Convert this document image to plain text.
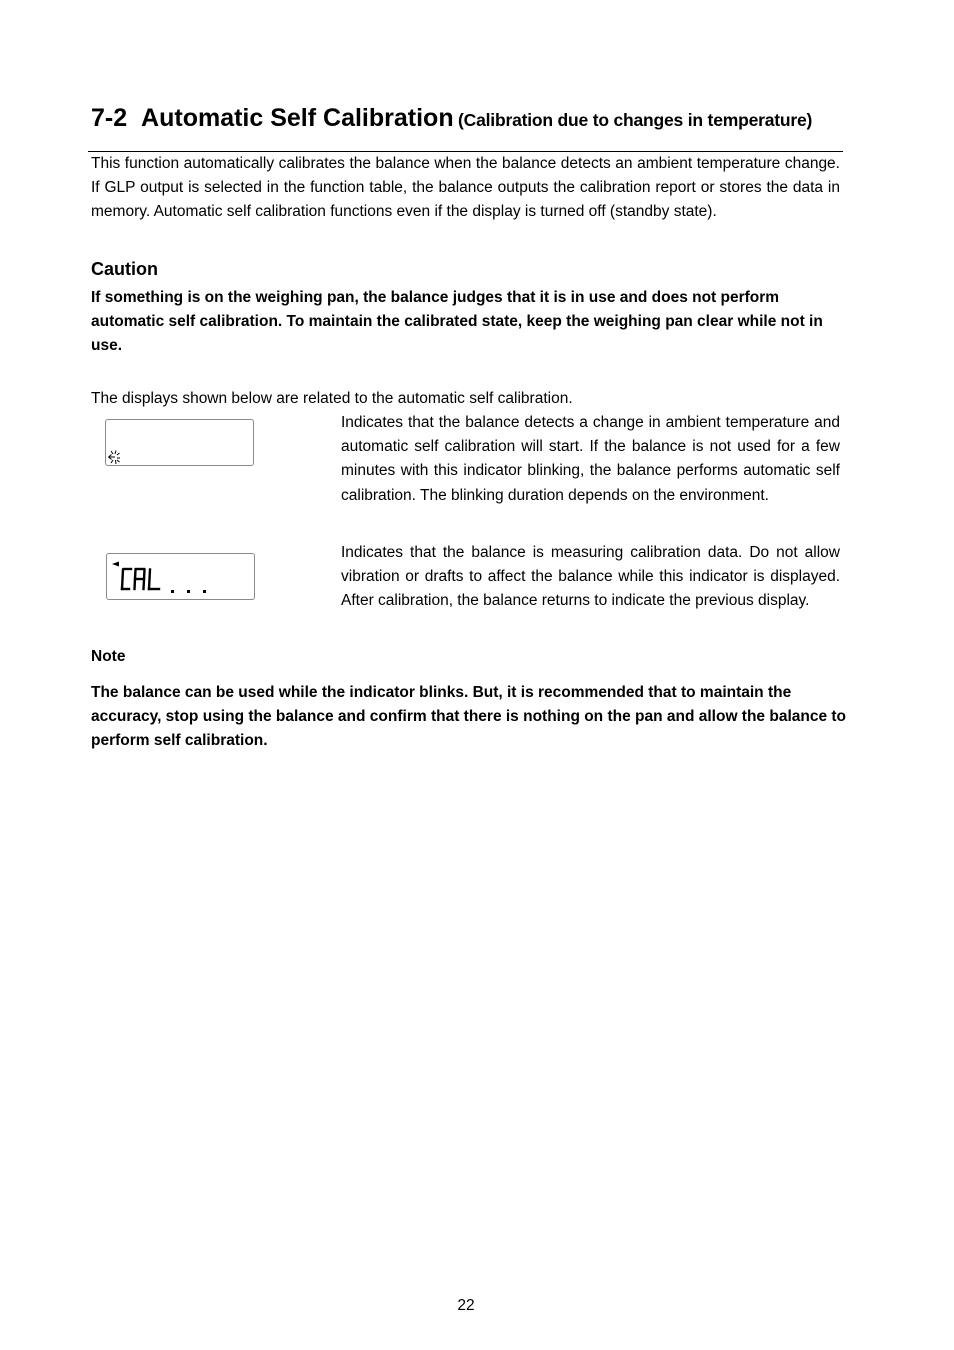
7-2 Automatic Self Calibration (Calibration due to changes in temperature)
This function automatically calibrates the balance when the balance detects an ambient temperature change. If GLP output is selected in the function table, the balance outputs the calibration report or stores the data in memory. Automatic self calibration functions even if the display is turned off (standby state).
Caution
If something is on the weighing pan, the balance judges that it is in use and does not perform automatic self calibration. To maintain the calibrated state, keep the weighing pan clear while not in use.
The displays shown below are related to the automatic self calibration.
Indicates that the balance detects a change in ambient temperature and automatic self calibration will start. If the balance is not used for a few minutes with this indicator blinking, the balance performs automatic self calibration. The blinking duration depends on the environment.
Indicates that the balance is measuring calibration data. Do not allow vibration or drafts to affect the balance while this indicator is displayed. After calibration, the balance returns to indicate the previous display.
Note
The balance can be used while the indicator blinks. But, it is recommended that to maintain the accuracy, stop using the balance and confirm that there is nothing on the pan and allow the balance to perform self calibration.
22
